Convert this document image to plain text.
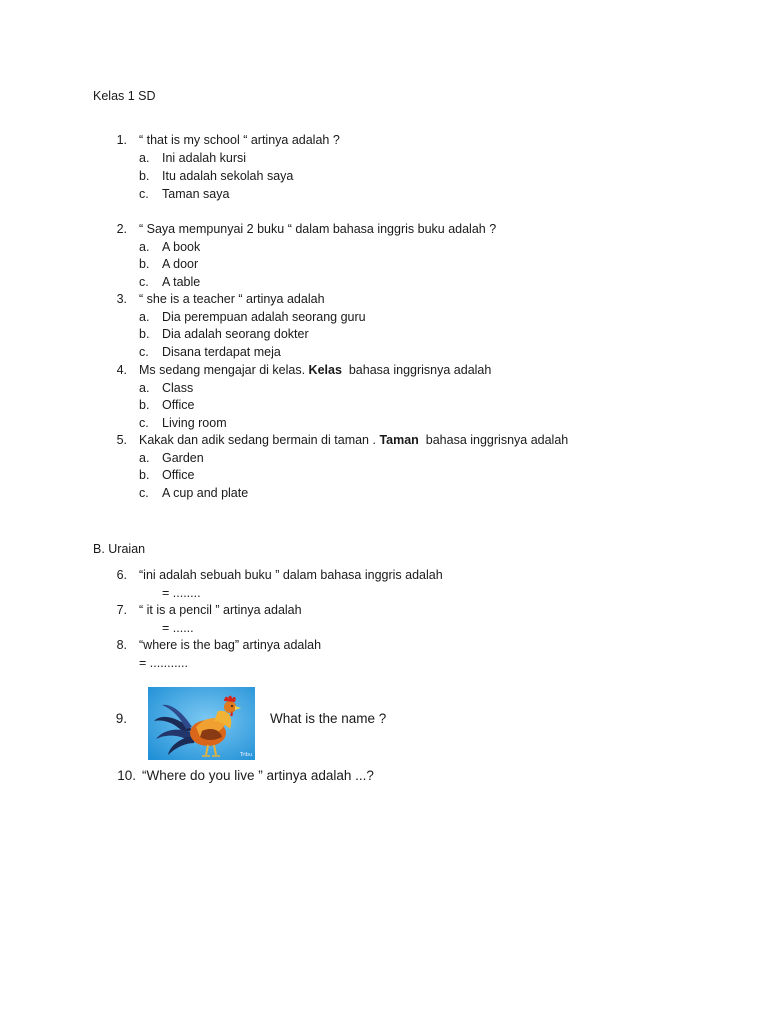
Kelas 1 SD
1. “ that is my school “ artinya adalah ?
a.	Ini adalah kursi
b.	Itu adalah sekolah saya
c.	Taman saya
2. “ Saya mempunyai 2 buku “ dalam bahasa inggris buku adalah ?
a.	A book
b.	A door
c.	A table
3. “ she is a teacher “ artinya adalah
a.	Dia perempuan adalah seorang guru
b.	Dia adalah seorang dokter
c.	Disana terdapat meja
4. Ms sedang mengajar di kelas. Kelas bahasa inggrisnya adalah
a.	Class
b.	Office
c.	Living room
5. Kakak dan adik sedang bermain di taman . Taman bahasa inggrisnya adalah
a.	Garden
b.	Office
c.	A cup and plate
B. Uraian
6. “ini adalah sebuah buku ” dalam bahasa inggris adalah
= ........
7. “ it is a pencil ” artinya adalah
= ......
8. “where is the bag” artinya adalah
= ...........
9.
Tribu
What is the name ?
10. “Where do you live ” artinya adalah ...?
